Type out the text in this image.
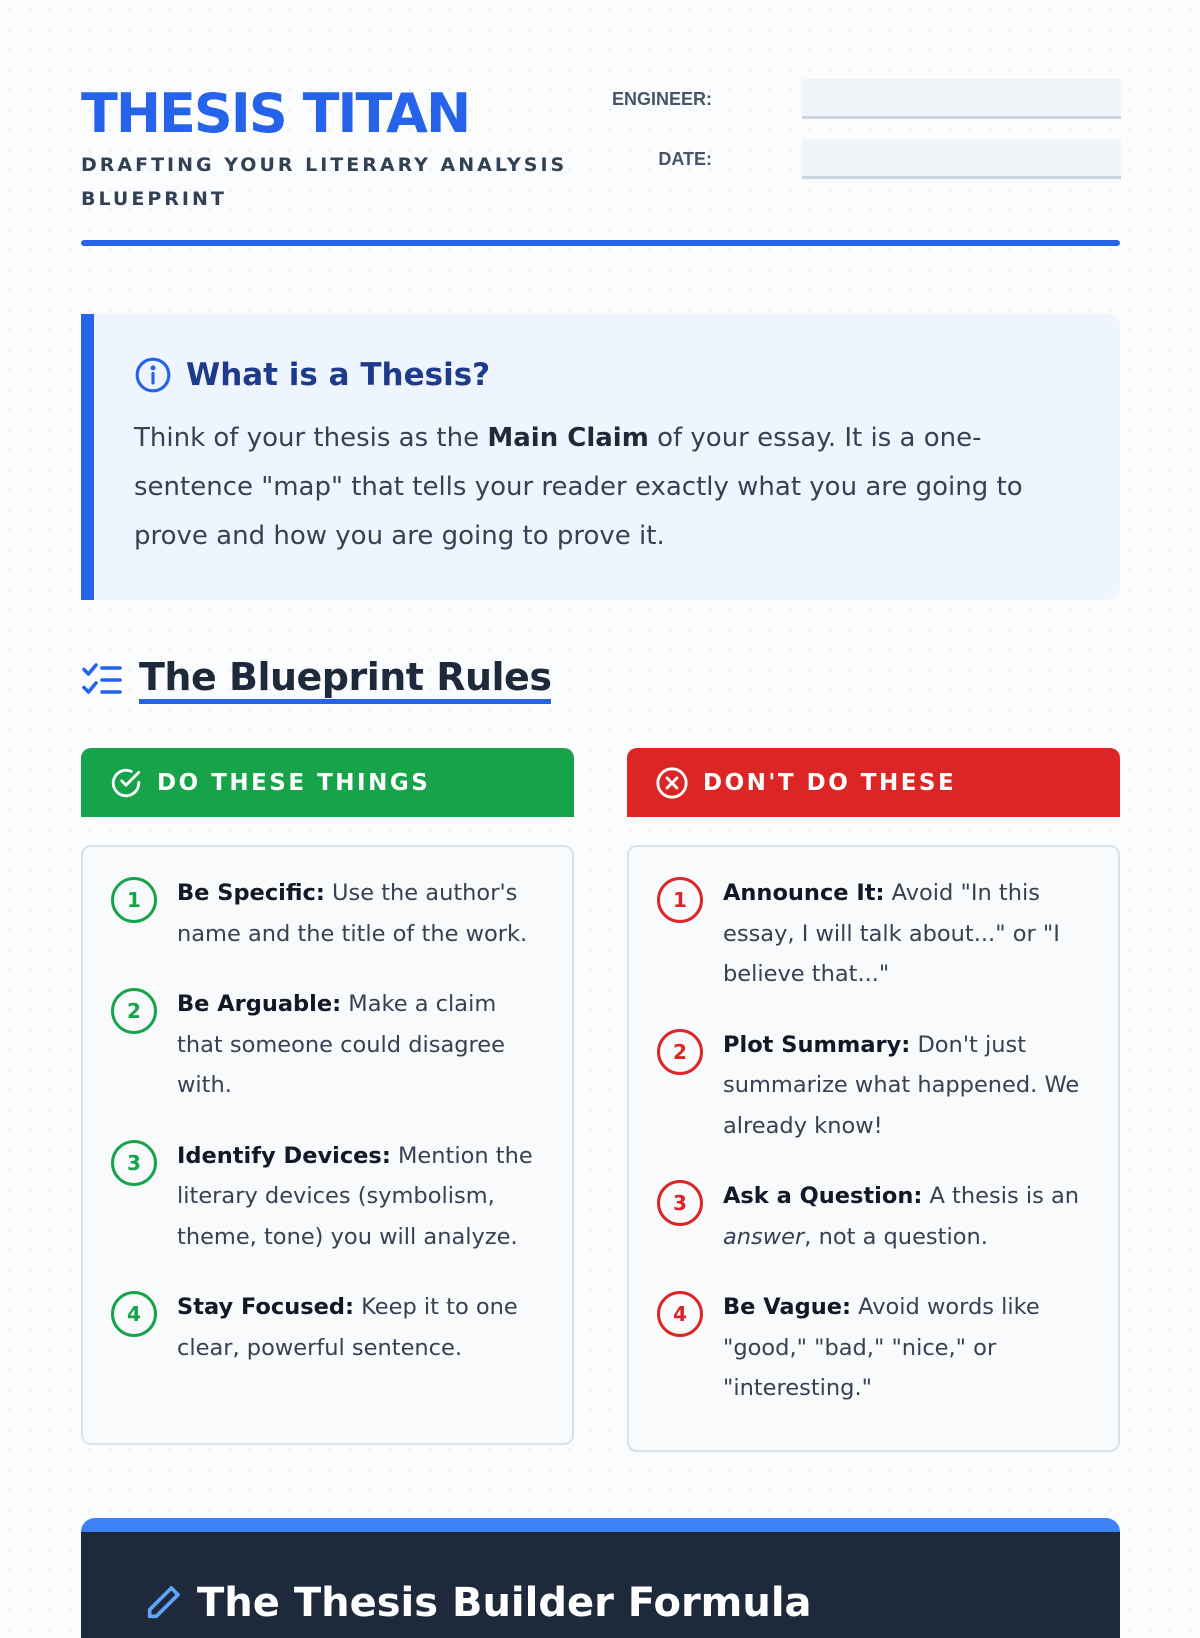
THESIS TITAN
DRAFTING YOUR LITERARY ANALYSIS BLUEPRINT
ENGINEER:
DATE:
What is a Thesis?
Think of your thesis as the Main Claim of your essay. It is a one-sentence "map" that tells your reader exactly what you are going to prove and how you are going to prove it.
The Blueprint Rules
DO THESE THINGS
1	Be Specific: Use the author's name and the title of the work.
2	Be Arguable: Make a claim that someone could disagree with.
3	Identify Devices: Mention the literary devices (symbolism, theme, tone) you will analyze.
4	Stay Focused: Keep it to one clear, powerful sentence.
DON'T DO THESE
1	Announce It: Avoid "In this essay, I will talk about..." or "I believe that..."
2	Plot Summary: Don't just summarize what happened. We already know!
3	Ask a Question: A thesis is an answer, not a question.
4	Be Vague: Avoid words like "good," "bad," "nice," or "interesting."
The Thesis Builder Formula
